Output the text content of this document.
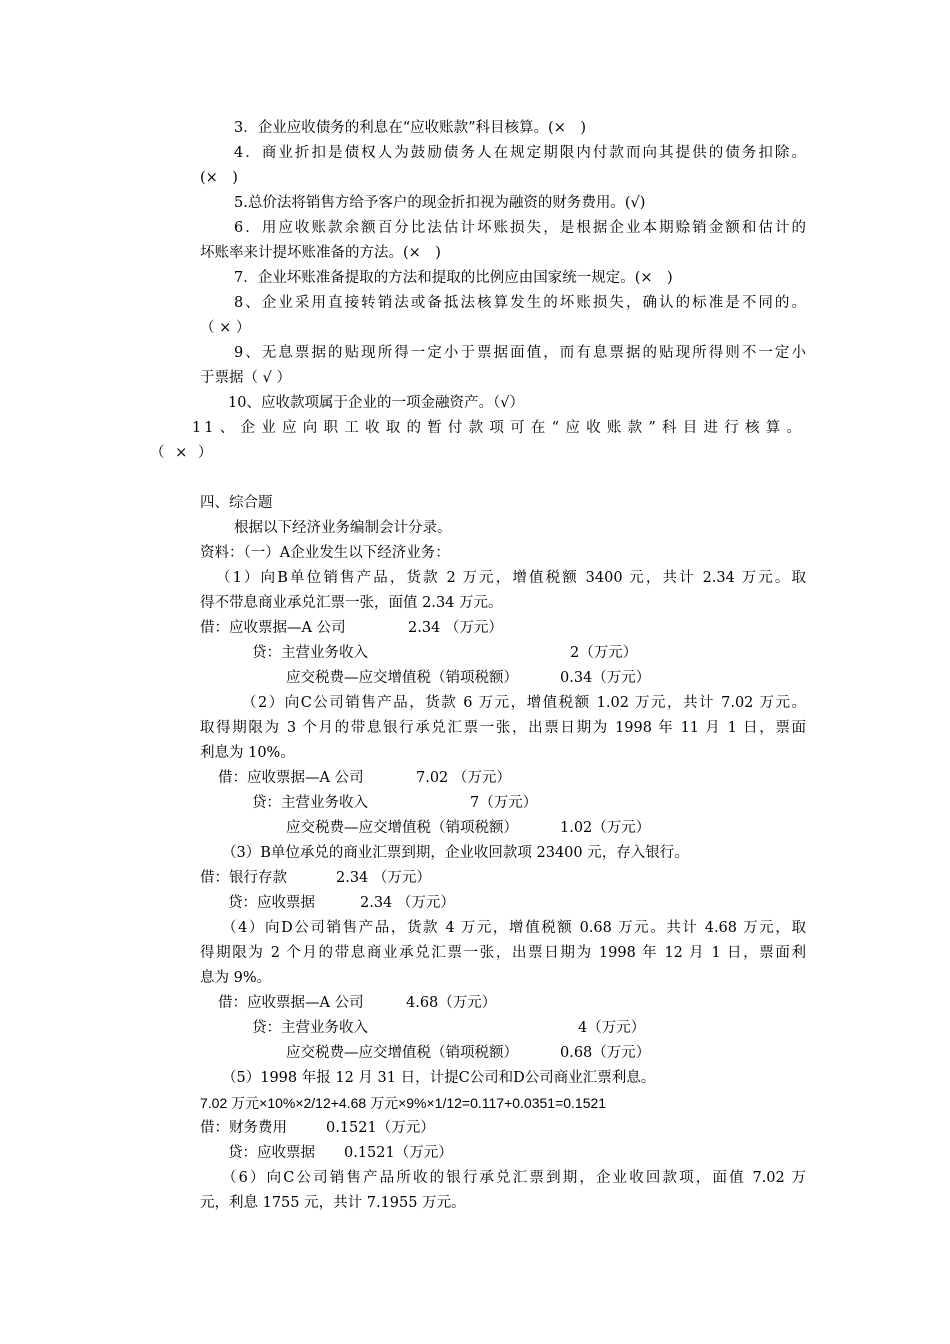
3．企业应收债务的利息在“应收账款”科目核算。(×　)
4．商业折扣是债权人为鼓励债务人在规定期限内付款而向其提供的债务扣除。
(×　)
5.总价法将销售方给予客户的现金折扣视为融资的财务费用。(√)
6．用应收账款余额百分比法估计坏账损失，是根据企业本期赊销金额和估计的
坏账率来计提坏账准备的方法。(×　)
7．企业坏账准备提取的方法和提取的比例应由国家统一规定。(×　)
8、企业采用直接转销法或备抵法核算发生的坏账损失，确认的标准是不同的。
（ × ）
9、无息票据的贴现所得一定小于票据面值，而有息票据的贴现所得则不一定小
于票据（ √ ）
10、应收款项属于企业的一项金融资产。（√）
11、企业应向职工收取的暂付款项可在“应收账款”科目进行核算。
（ × ）
四、综合题
根据以下经济业务编制会计分录。
资料：（一）A企业发生以下经济业务：
（1）向B单位销售产品，货款 2 万元，增值税额 3400 元，共计 2.34 万元。取
得不带息商业承兑汇票一张，面值 2.34 万元。
借：应收票据—A 公司	2.34 （万元）
贷：主营业务收入	2（万元）
应交税费—应交增值税（销项税额）	0.34（万元）
（2）向C公司销售产品，货款 6 万元，增值税额 1.02 万元，共计 7.02 万元。
取得期限为 3 个月的带息银行承兑汇票一张，出票日期为 1998 年 11 月 1 日，票面
利息为 10%。
借：应收票据—A 公司	7.02 （万元）
贷：主营业务收入	7（万元）
应交税费—应交增值税（销项税额）	1.02（万元）
（3）B单位承兑的商业汇票到期，企业收回款项 23400 元，存入银行。
借：银行存款	2.34 （万元）
贷：应收票据	2.34 （万元）
（4）向D公司销售产品，货款 4 万元，增值税额 0.68 万元。共计 4.68 万元，取
得期限为 2 个月的带息商业承兑汇票一张，出票日期为 1998 年 12 月 1 日，票面利
息为 9%。
借：应收票据—A 公司	4.68（万元）
贷：主营业务收入	4（万元）
应交税费—应交增值税（销项税额）	0.68（万元）
（5）1998 年报 12 月 31 日，计提C公司和D公司商业汇票利息。
7.02 万元×10%×2/12+4.68 万元×9%×1/12=0.117+0.0351=0.1521
借：财务费用	0.1521（万元）
贷：应收票据 0.1521（万元）
（6）向C公司销售产品所收的银行承兑汇票到期，企业收回款项，面值 7.02 万
元，利息 1755 元，共计 7.1955 万元。
